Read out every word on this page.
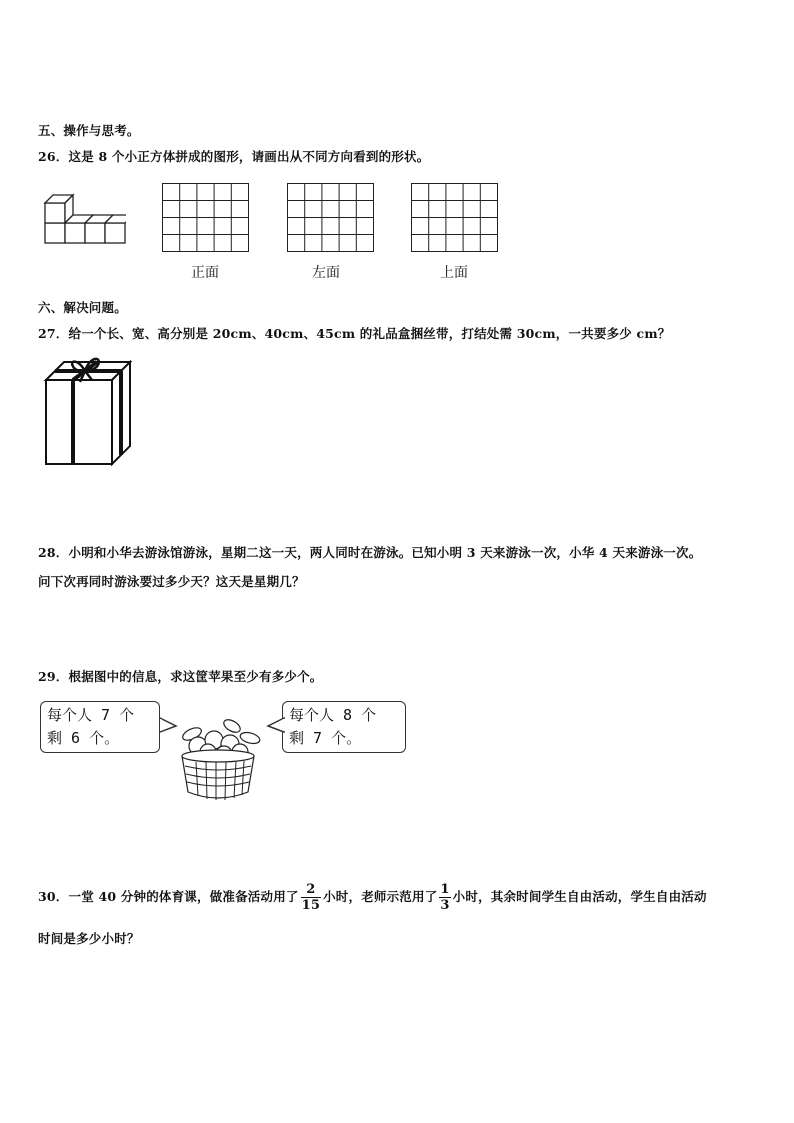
五、操作与思考。
26．这是 8 个小正方体拼成的图形，请画出从不同方向看到的形状。
正面	左面	上面
六、解决问题。
27．给一个长、宽、高分别是 20cm、40cm、45cm 的礼品盒捆丝带，打结处需 30cm，一共要多少 cm？
28．小明和小华去游泳馆游泳，星期二这一天，两人同时在游泳。已知小明 3 天来游泳一次，小华 4 天来游泳一次。
问下次再同时游泳要过多少天？这天是星期几？
29．根据图中的信息，求这筐苹果至少有多少个。
每个人 7 个
剩 6 个。
每个人 8 个
剩 7 个。
30．一堂 40 分钟的体育课，做准备活动用了 $\frac{2}{15}$ 小时，老师示范用了 $\frac{1}{3}$ 小时，其余时间学生自由活动，学生自由活动
时间是多少小时？
